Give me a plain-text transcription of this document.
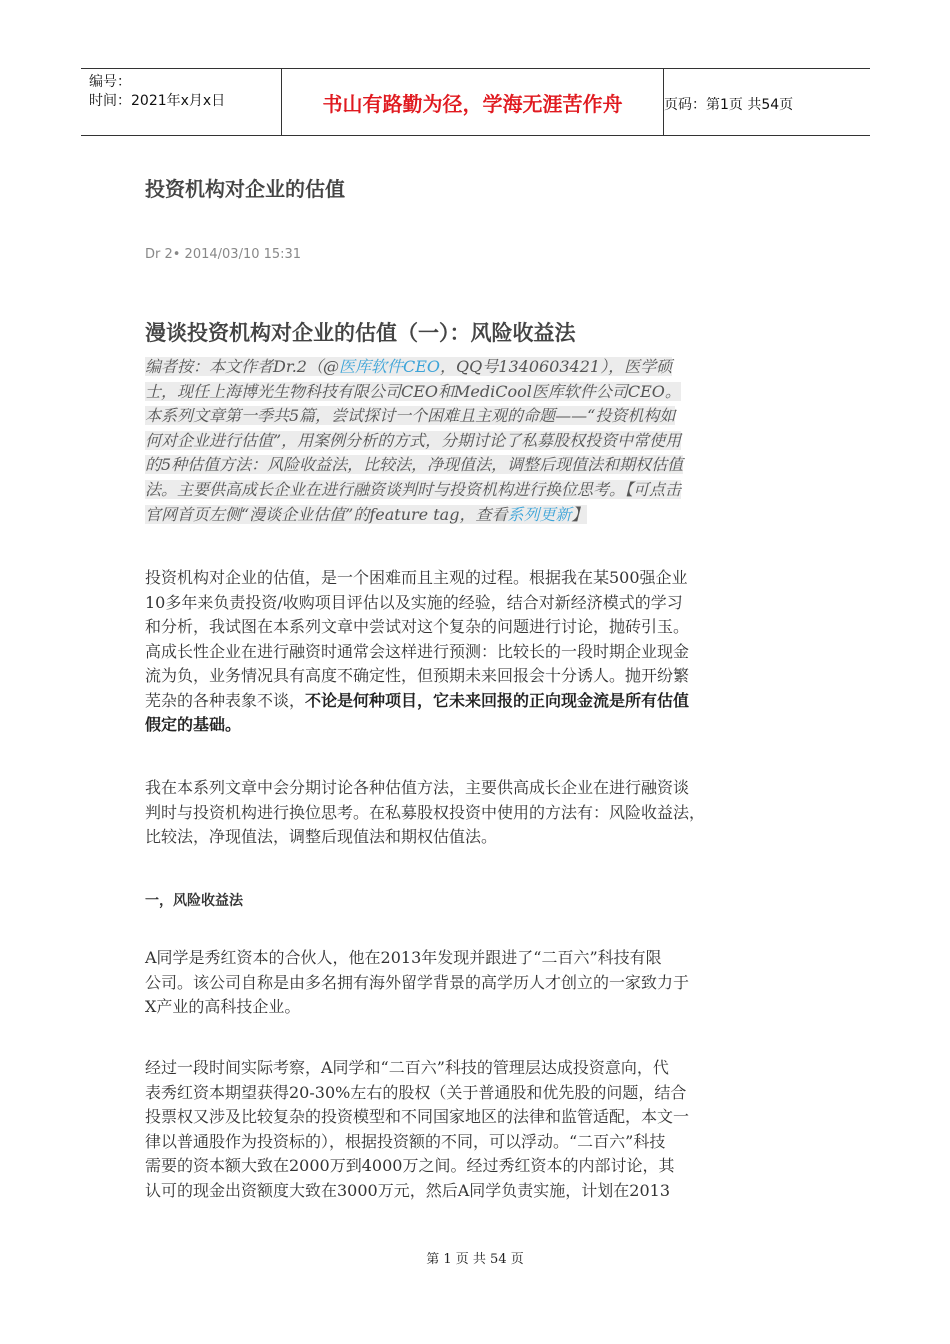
编号：
时间：2021年x月x日	书山有路勤为径，学海无涯苦作舟	页码：第1页 共54页
投资机构对企业的估值
Dr 2• 2014/03/10 15:31
漫谈投资机构对企业的估值（一）：风险收益法
编者按：本文作者Dr.2（@医库软件CEO，QQ号1340603421），医学硕
士，现任上海博光生物科技有限公司CEO和MediCool医库软件公司CEO。
本系列文章第一季共5篇，尝试探讨一个困难且主观的命题——“投资机构如
何对企业进行估值”，用案例分析的方式，分期讨论了私募股权投资中常使用
的5种估值方法：风险收益法，比较法，净现值法，调整后现值法和期权估值
法。主要供高成长企业在进行融资谈判时与投资机构进行换位思考。【可点击
官网首页左侧“漫谈企业估值”的feature tag，查看系列更新】
投资机构对企业的估值，是一个困难而且主观的过程。根据我在某500强企业
10多年来负责投资/收购项目评估以及实施的经验，结合对新经济模式的学习
和分析，我试图在本系列文章中尝试对这个复杂的问题进行讨论，抛砖引玉。
高成长性企业在进行融资时通常会这样进行预测：比较长的一段时期企业现金
流为负，业务情况具有高度不确定性，但预期未来回报会十分诱人。抛开纷繁
芜杂的各种表象不谈，不论是何种项目，它未来回报的正向现金流是所有估值
假定的基础。
我在本系列文章中会分期讨论各种估值方法，主要供高成长企业在进行融资谈
判时与投资机构进行换位思考。在私募股权投资中使用的方法有：风险收益法，
比较法，净现值法，调整后现值法和期权估值法。
一，风险收益法
A同学是秀红资本的合伙人，他在2013年发现并跟进了“二百六”科技有限
公司。该公司自称是由多名拥有海外留学背景的高学历人才创立的一家致力于
X产业的高科技企业。
经过一段时间实际考察，A同学和“二百六”科技的管理层达成投资意向，代
表秀红资本期望获得20-30%左右的股权（关于普通股和优先股的问题，结合
投票权又涉及比较复杂的投资模型和不同国家地区的法律和监管适配，本文一
律以普通股作为投资标的），根据投资额的不同，可以浮动。“二百六”科技
需要的资本额大致在2000万到4000万之间。经过秀红资本的内部讨论，其
认可的现金出资额度大致在3000万元，然后A同学负责实施，计划在2013
第 1 页 共 54 页
